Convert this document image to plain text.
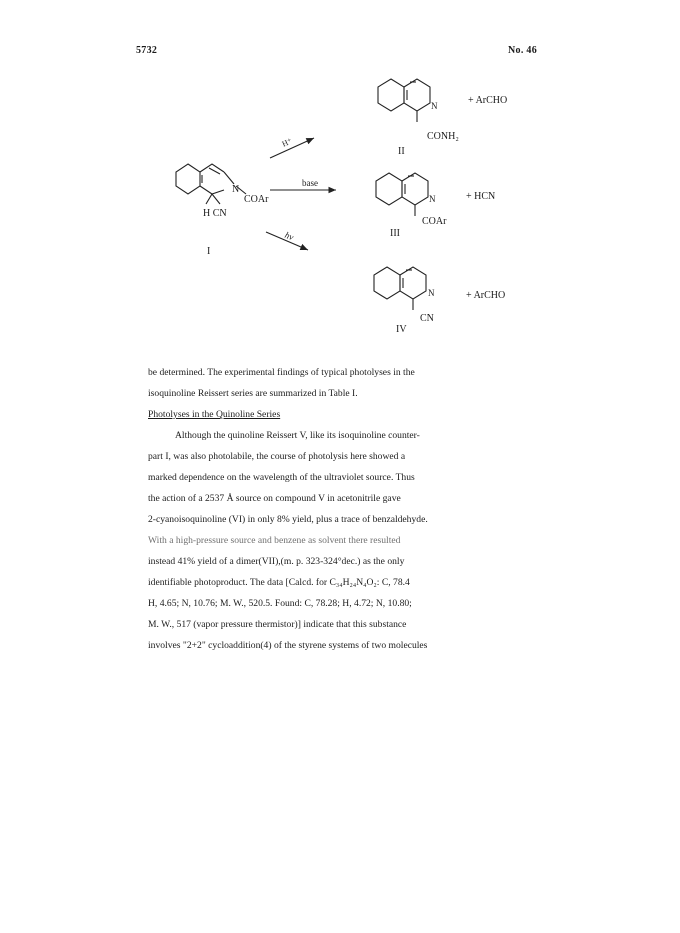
5732	No. 46
N
COAr
H CN
I
H⁺
base
hν
N	+ ArCHO
CONH₂
II
N	+ HCN
COAr
III
N	+ ArCHO
CN
IV
be determined. The experimental findings of typical photolyses in the
isoquinoline Reissert series are summarized in Table I.
Photolyses in the Quinoline Series
Although the quinoline Reissert V, like its isoquinoline counter-
part I, was also photolabile, the course of photolysis here showed a
marked dependence on the wavelength of the ultraviolet source. Thus
the action of a 2537 Å source on compound V in acetonitrile gave
2-cyanoisoquinoline (VI) in only 8% yield, plus a trace of benzaldehyde.
With a high-pressure source and benzene as solvent there resulted
instead 41% yield of a dimer(VII),(m. p. 323-324°dec.) as the only
identifiable photoproduct. The data [Calcd. for C₃₄H₂₄N₄O₂: C, 78.4
H, 4.65; N, 10.76; M. W., 520.5. Found: C, 78.28; H, 4.72; N, 10.80;
M. W., 517 (vapor pressure thermistor)] indicate that this substance
involves "2+2" cycloaddition(4) of the styrene systems of two molecules
